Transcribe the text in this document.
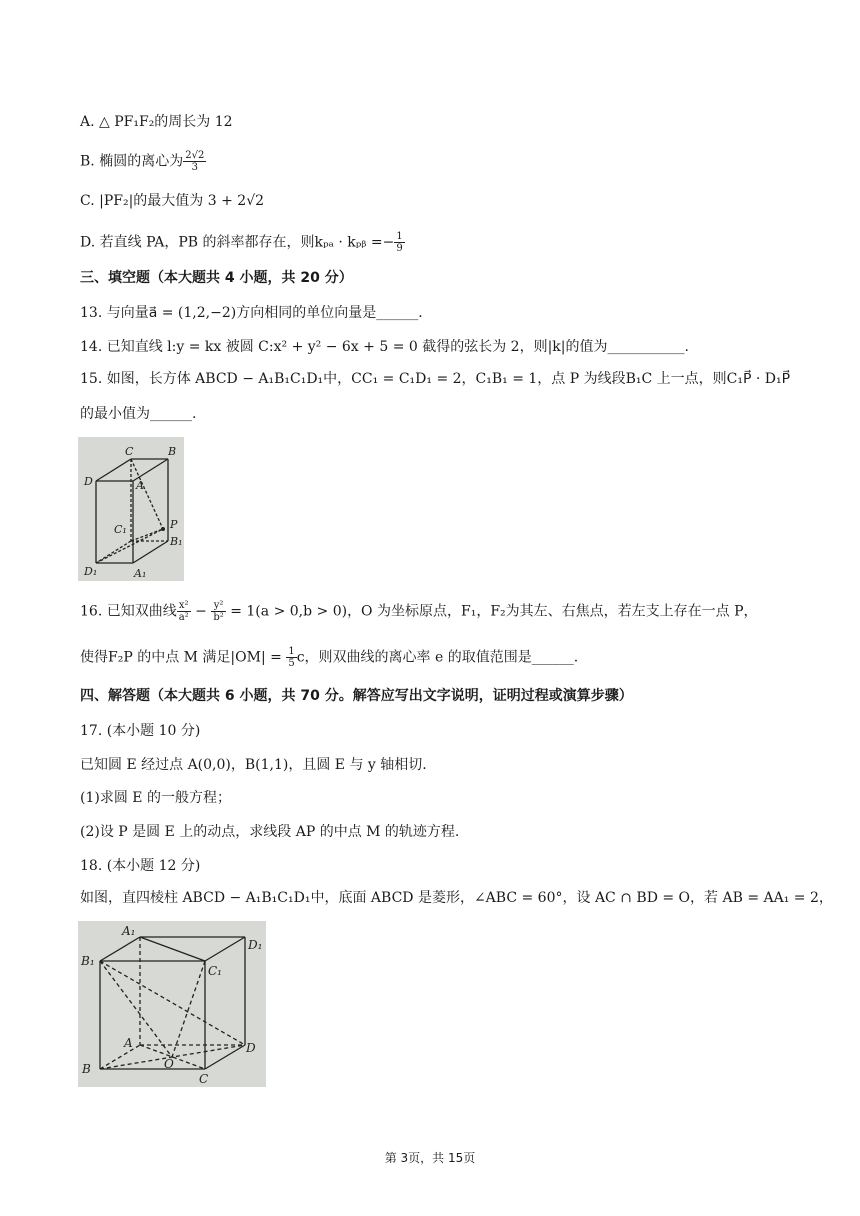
A. △ PF₁F₂的周长为 12
B. 椭圆的离心为 $\frac{2√2}{3}$
C. |PF₂|的最大值为 3 + 2√2
D. 若直线 PA，PB 的斜率都存在，则kₚₐ · kₚᵦ =− $\frac{1}{9}$
三、填空题（本大题共 4 小题，共 20 分）
13. 与向量a⃗ = (1,2,−2)方向相同的单位向量是______.
14. 已知直线 l:y = kx 被圆 C:x² + y² − 6x + 5 = 0 截得的弦长为 2，则|k|的值为___________.
15. 如图，长方体 ABCD − A₁B₁C₁D₁中，CC₁ = C₁D₁ = 2，C₁B₁ = 1，点 P 为线段B₁C 上一点，则C₁P⃗ · D₁P⃗
的最小值为______.
C	B
D	A
C₁	P
B₁
D₁	A₁
16. 已知双曲线 $\frac{\text{x²}}{\text{a²}} - \frac{\text{y²}}{\text{b²}} = 1(a > 0,b > 0)$，O 为坐标原点，F₁，F₂为其左、右焦点，若左支上存在一点 P，
使得F₂P 的中点 M 满足$|OM| = \frac{1}{5}$ c，则双曲线的离心率 e 的取值范围是______.
四、解答题（本大题共 6 小题，共 70 分。解答应写出文字说明，证明过程或演算步骤）
17. (本小题 10 分)
已知圆 E 经过点 A(0,0)，B(1,1)，且圆 E 与 y 轴相切.
(1)求圆 E 的一般方程；
(2)设 P 是圆 E 上的动点，求线段 AP 的中点 M 的轨迹方程.
18. (本小题 12 分)
如图，直四棱柱 ABCD − A₁B₁C₁D₁中，底面 ABCD 是菱形，∠ABC = 60°，设 AC ∩ BD = O，若 AB = AA₁ = 2，
A₁
D₁
B₁
C₁
A	D
B	O
C
第 3页，共 15页
